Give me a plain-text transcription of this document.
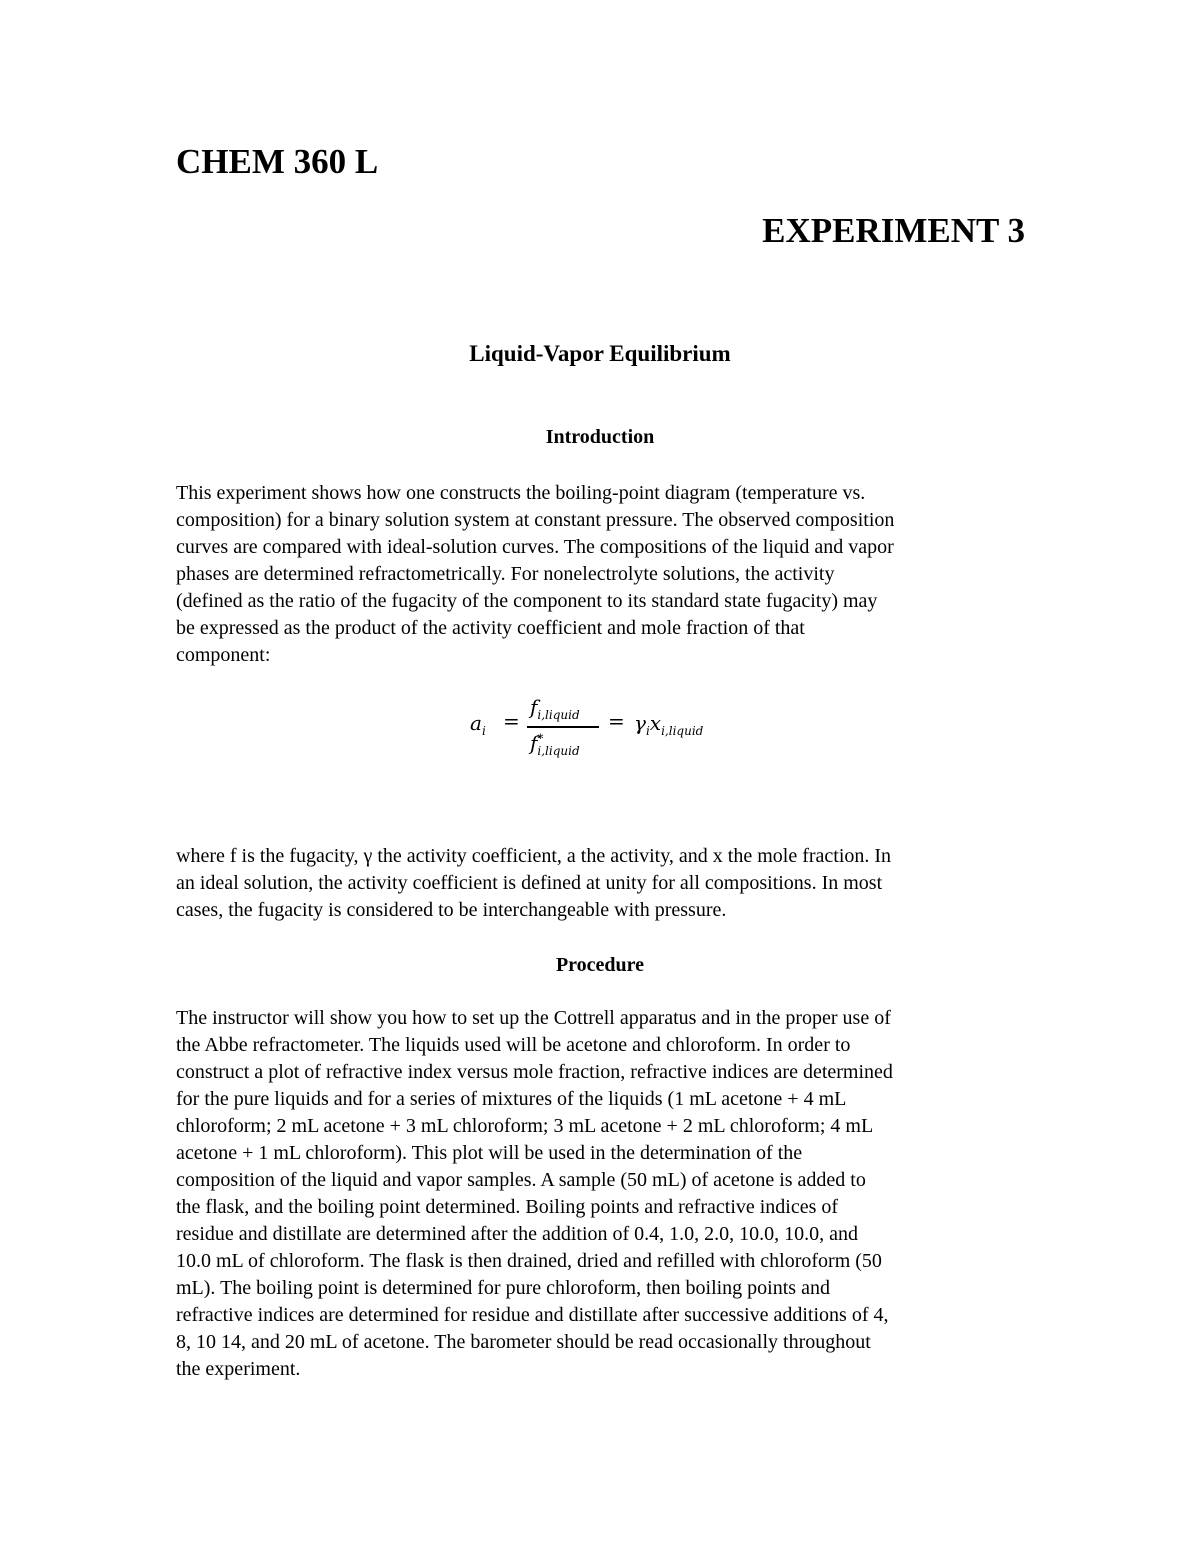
CHEM 360 L
EXPERIMENT 3
Liquid-Vapor Equilibrium
Introduction
This experiment shows how one constructs the boiling-point diagram (temperature vs.
composition) for a binary solution system at constant pressure. The observed composition
curves are compared with ideal-solution curves. The compositions of the liquid and vapor
phases are determined refractometrically. For nonelectrolyte solutions, the activity
(defined as the ratio of the fugacity of the component to its standard state fugacity) may
be expressed as the product of the activity coefficient and mole fraction of that
component:
$a_i$ =
$f_{i,liquid}$
$f^*_{i,liquid}$
= $\gamma_ix_{i,liquid}$
where f is the fugacity, γ the activity coefficient, a the activity, and x the mole fraction. In
an ideal solution, the activity coefficient is defined at unity for all compositions. In most
cases, the fugacity is considered to be interchangeable with pressure.
Procedure
The instructor will show you how to set up the Cottrell apparatus and in the proper use of
the Abbe refractometer. The liquids used will be acetone and chloroform. In order to
construct a plot of refractive index versus mole fraction, refractive indices are determined
for the pure liquids and for a series of mixtures of the liquids (1 mL acetone + 4 mL
chloroform; 2 mL acetone + 3 mL chloroform; 3 mL acetone + 2 mL chloroform; 4 mL
acetone + 1 mL chloroform). This plot will be used in the determination of the
composition of the liquid and vapor samples. A sample (50 mL) of acetone is added to
the flask, and the boiling point determined. Boiling points and refractive indices of
residue and distillate are determined after the addition of 0.4, 1.0, 2.0, 10.0, 10.0, and
10.0 mL of chloroform. The flask is then drained, dried and refilled with chloroform (50
mL). The boiling point is determined for pure chloroform, then boiling points and
refractive indices are determined for residue and distillate after successive additions of 4,
8, 10 14, and 20 mL of acetone. The barometer should be read occasionally throughout
the experiment.
